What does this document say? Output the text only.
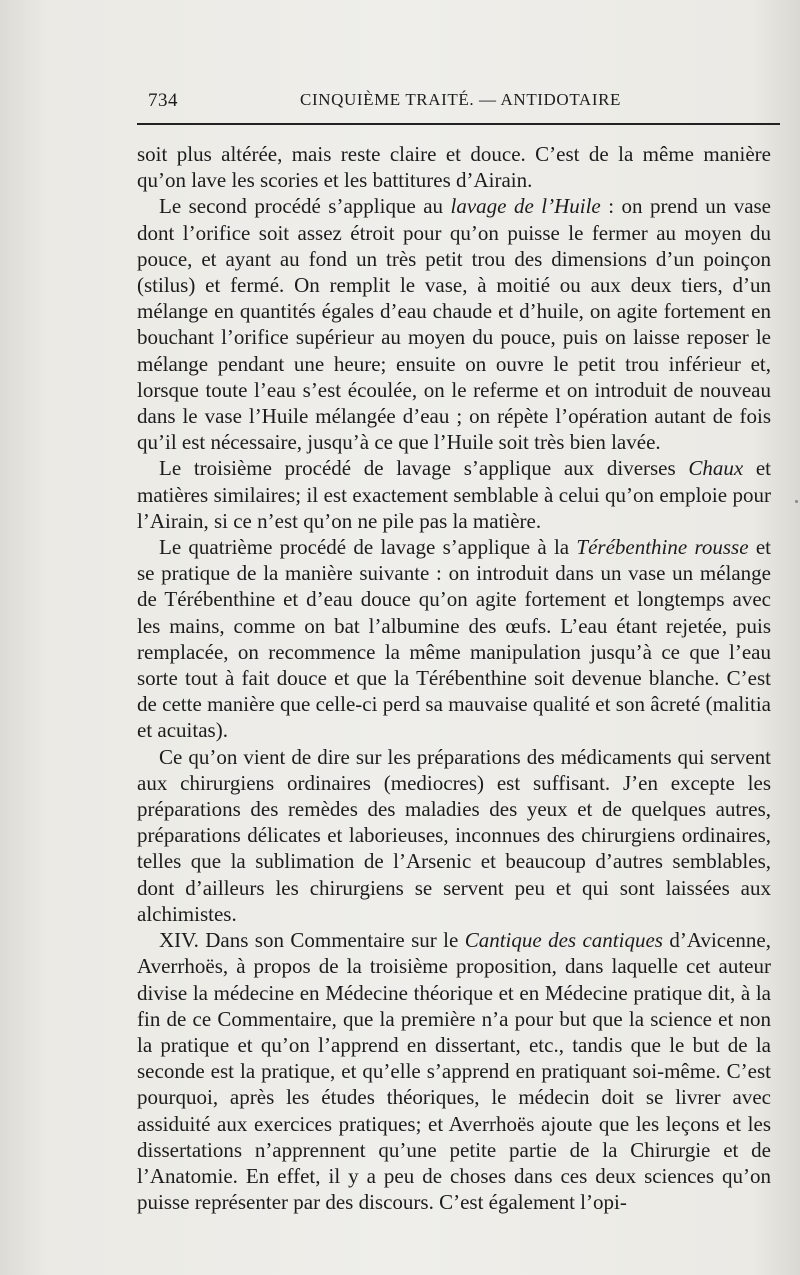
734	CINQUIÈME TRAITÉ. — ANTIDOTAIRE

soit plus altérée, mais reste claire et douce. C’est de la même manière qu’on lave les scories et les battitures d’Airain.

Le second procédé s’applique au lavage de l’Huile : on prend un vase dont l’orifice soit assez étroit pour qu’on puisse le fermer au moyen du pouce, et ayant au fond un très petit trou des dimensions d’un poinçon (stilus) et fermé. On remplit le vase, à moitié ou aux deux tiers, d’un mélange en quantités égales d’eau chaude et d’huile, on agite fortement en bouchant l’orifice supérieur au moyen du pouce, puis on laisse reposer le mélange pendant une heure; ensuite on ouvre le petit trou inférieur et, lorsque toute l’eau s’est écoulée, on le referme et on introduit de nouveau dans le vase l’Huile mélangée d’eau ; on répète l’opération autant de fois qu’il est nécessaire, jusqu’à ce que l’Huile soit très bien lavée.

Le troisième procédé de lavage s’applique aux diverses Chaux et matières similaires; il est exactement semblable à celui qu’on emploie pour l’Airain, si ce n’est qu’on ne pile pas la matière.

Le quatrième procédé de lavage s’applique à la Térébenthine rousse et se pratique de la manière suivante : on introduit dans un vase un mélange de Térébenthine et d’eau douce qu’on agite fortement et longtemps avec les mains, comme on bat l’albumine des œufs. L’eau étant rejetée, puis remplacée, on recommence la même manipulation jusqu’à ce que l’eau sorte tout à fait douce et que la Térébenthine soit devenue blanche. C’est de cette manière que celle-ci perd sa mauvaise qualité et son âcreté (malitia et acuitas).

Ce qu’on vient de dire sur les préparations des médicaments qui servent aux chirurgiens ordinaires (mediocres) est suffisant. J’en excepte les préparations des remèdes des maladies des yeux et de quelques autres, préparations délicates et laborieuses, inconnues des chirurgiens ordinaires, telles que la sublimation de l’Arsenic et beaucoup d’autres semblables, dont d’ailleurs les chirurgiens se servent peu et qui sont laissées aux alchimistes.

XIV. Dans son Commentaire sur le Cantique des cantiques d’Avicenne, Averrhoës, à propos de la troisième proposition, dans laquelle cet auteur divise la médecine en Médecine théorique et en Médecine pratique dit, à la fin de ce Commentaire, que la première n’a pour but que la science et non la pratique et qu’on l’apprend en dissertant, etc., tandis que le but de la seconde est la pratique, et qu’elle s’apprend en pratiquant soi-même. C’est pourquoi, après les études théoriques, le médecin doit se livrer avec assiduité aux exercices pratiques; et Averrhoës ajoute que les leçons et les dissertations n’apprennent qu’une petite partie de la Chirurgie et de l’Anatomie. En effet, il y a peu de choses dans ces deux sciences qu’on puisse représenter par des discours. C’est également l’opi-
